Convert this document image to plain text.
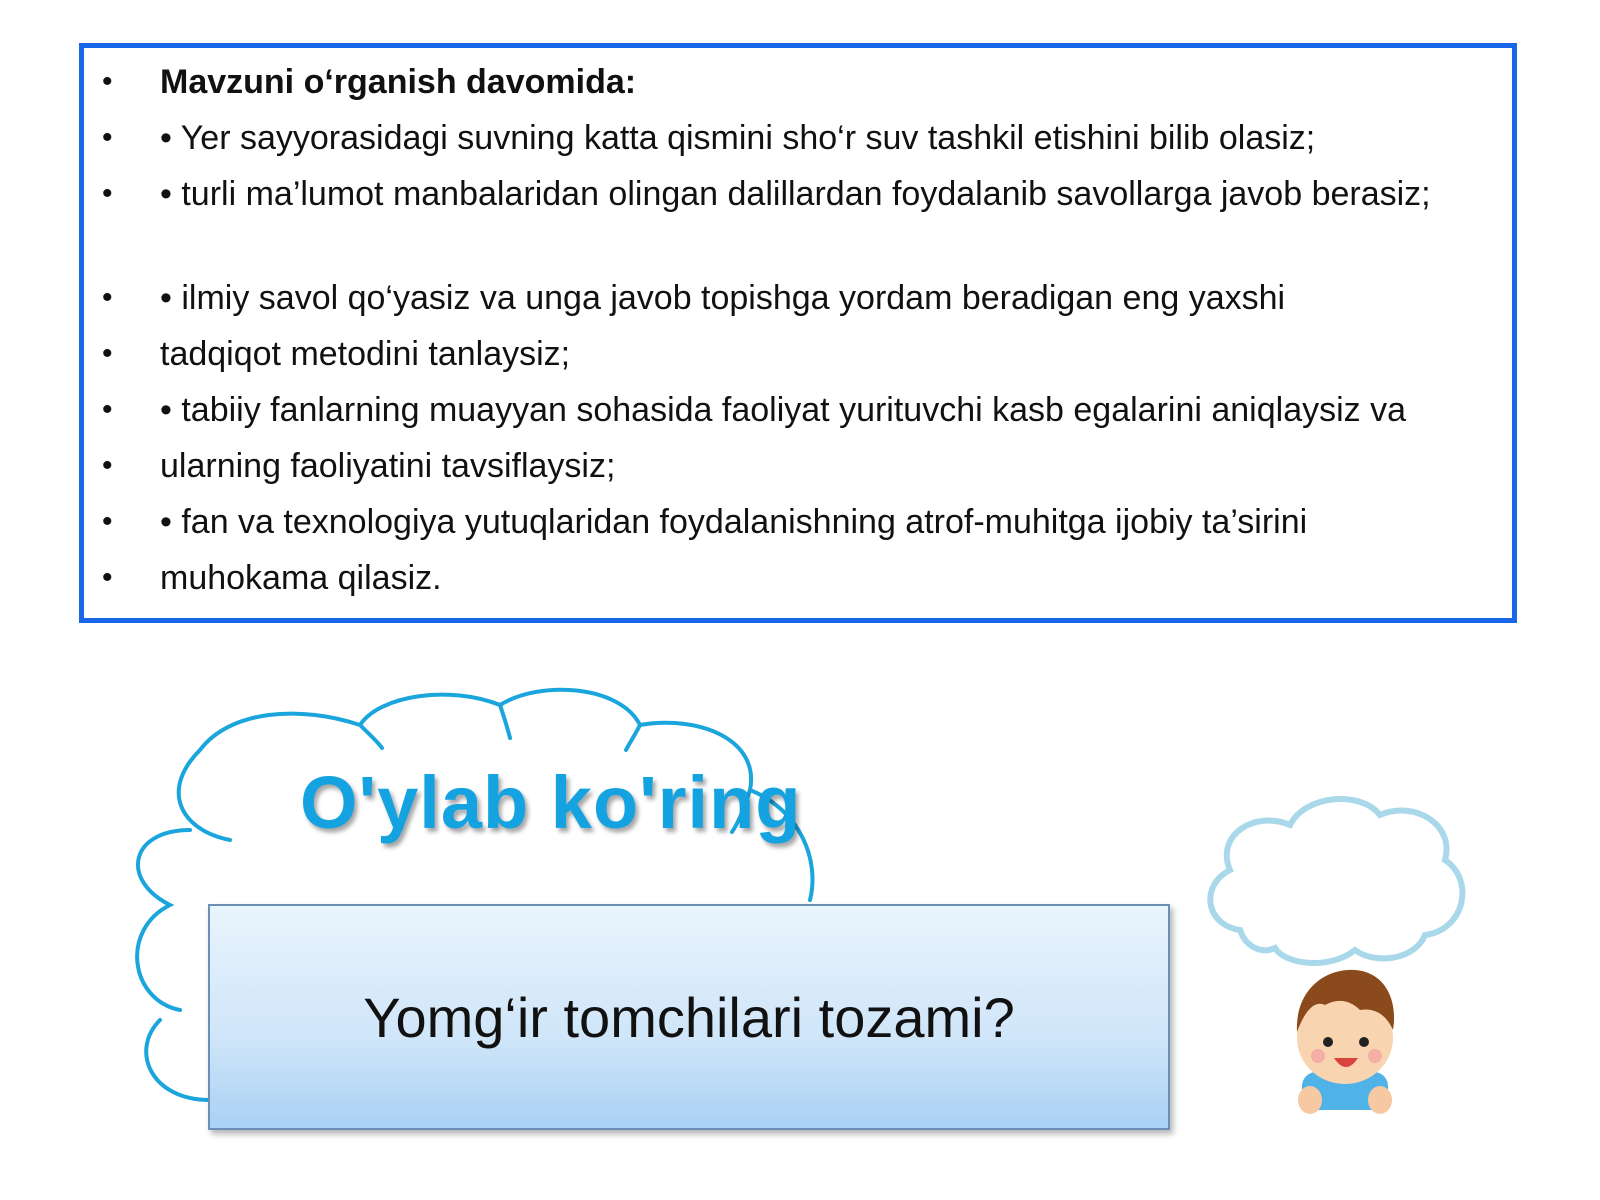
• Mavzuni o‘rganish davomida:
• • Yer sayyorasidagi suvning katta qismini sho‘r suv tashkil etishini bilib olasiz;
• • turli ma’lumot manbalaridan olingan dalillardan foydalanib savollarga javob berasiz;
• • ilmiy savol qo‘yasiz va unga javob topishga yordam beradigan eng yaxshi
• tadqiqot metodini tanlaysiz;
• • tabiiy fanlarning muayyan sohasida faoliyat yurituvchi kasb egalarini aniqlaysiz va
• ularning faoliyatini tavsiflaysiz;
• • fan va texnologiya yutuqlaridan foydalanishning atrof-muhitga ijobiy ta’sirini
• muhokama qilasiz.
O'ylab ko'ring
Yomg‘ir tomchilari tozami?
